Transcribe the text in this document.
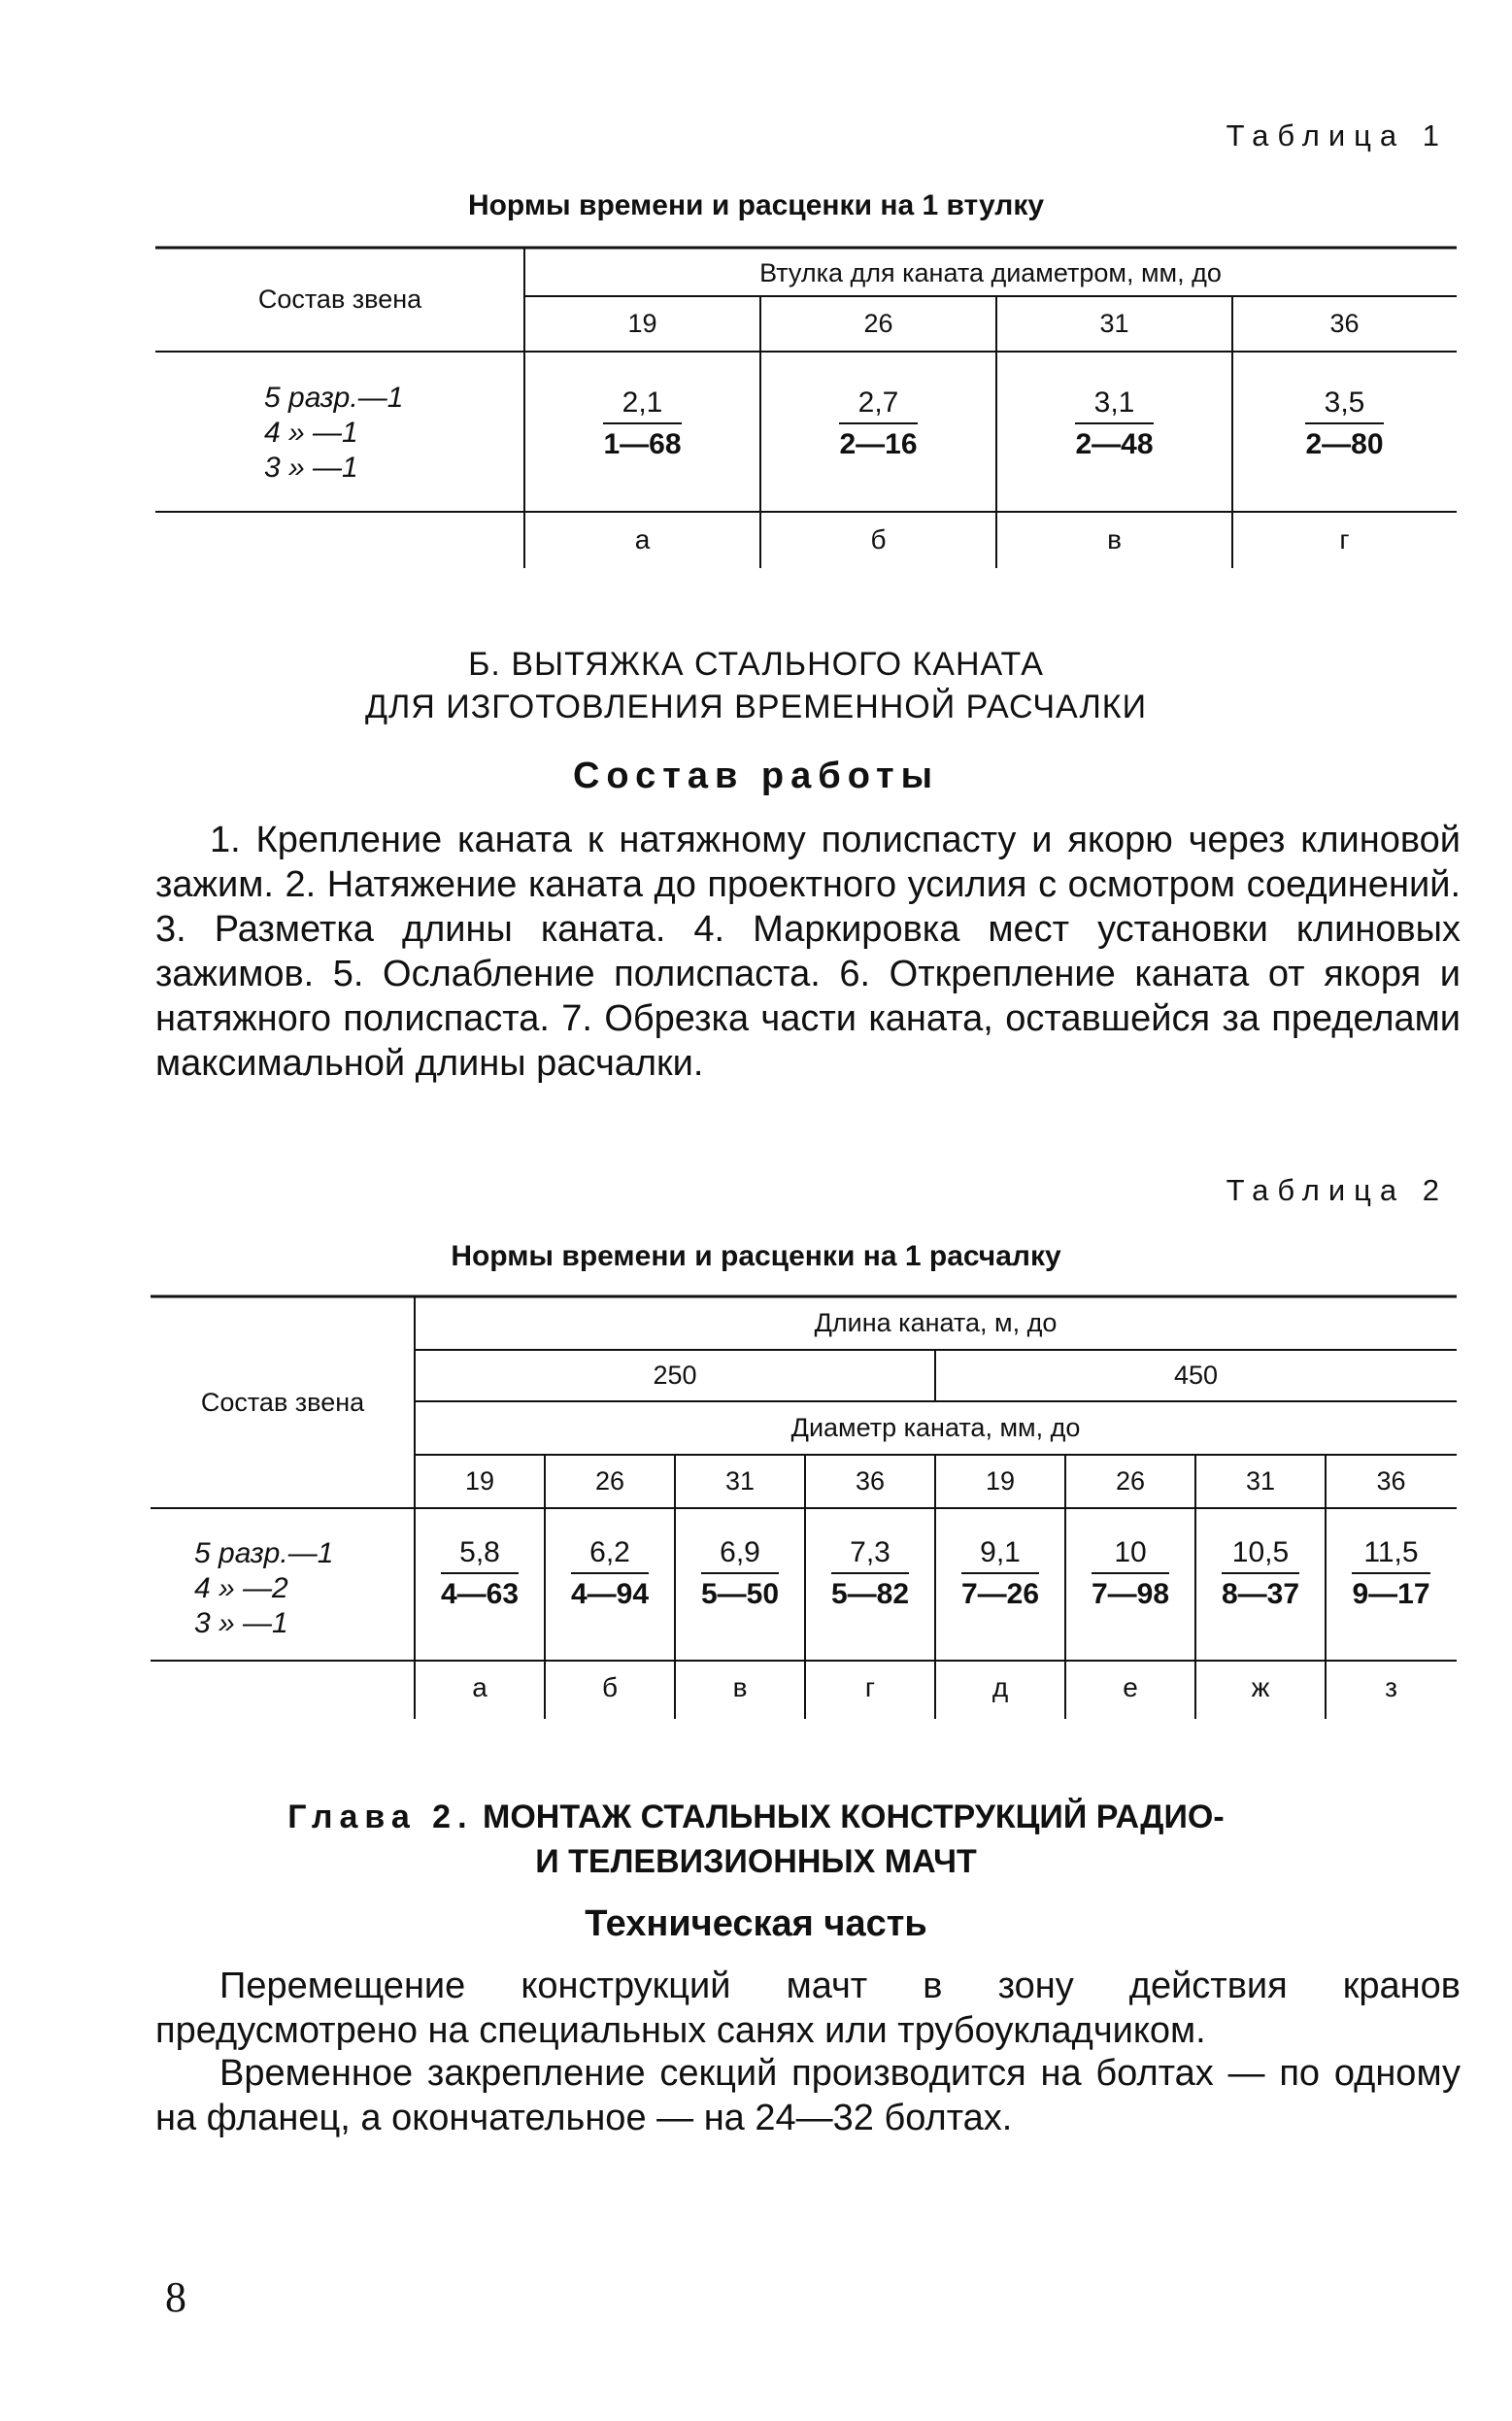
Таблица 1
Нормы времени и расценки на 1 втулку
Состав звена
Втулка для каната диаметром, мм, до
19	26	31	36
5 разр.—1
4 » —1
3 » —1
$\frac{2,1}{1—68}$	$\frac{2,7}{2—16}$	$\frac{3,1}{2—48}$	$\frac{3,5}{2—80}$
а	б	в	г
Б. ВЫТЯЖКА СТАЛЬНОГО КАНАТА
ДЛЯ ИЗГОТОВЛЕНИЯ ВРЕМЕННОЙ РАСЧАЛКИ
Состав работы
1. Крепление каната к натяжному полиспасту и якорю через клиновой зажим. 2. Натяжение каната до проектного усилия с осмотром соединений. 3. Разметка длины каната. 4. Маркировка мест установки клиновых зажимов. 5. Ослабление полиспаста. 6. Открепление каната от якоря и натяжного полиспаста. 7. Обрезка части каната, оставшейся за пределами максимальной длины расчалки.
Таблица 2
Нормы времени и расценки на 1 расчалку
Состав звена
Длина каната, м, до
250	450
Диаметр каната, мм, до
19	26	31	36	19	26	31	36
5 разр.—1
4 » —2
3 » —1
$\frac{5,8}{4—63} \frac{6,2}{4—94} \frac{6,9}{5—50} \frac{7,3}{5—82} \frac{9,1}{7—26} \frac{10}{7—98} \frac{10,5}{8—37} \frac{11,5}{9—17}$
а	б	в	г	д	е	ж	з
Глава 2. МОНТАЖ СТАЛЬНЫХ КОНСТРУКЦИЙ РАДИО-
И ТЕЛЕВИЗИОННЫХ МАЧТ
Техническая часть
Перемещение конструкций мачт в зону действия кранов предусмотрено на специальных санях или трубоукладчиком.
Временное закрепление секций производится на болтах — по одному на фланец, а окончательное — на 24—32 болтах.
8
